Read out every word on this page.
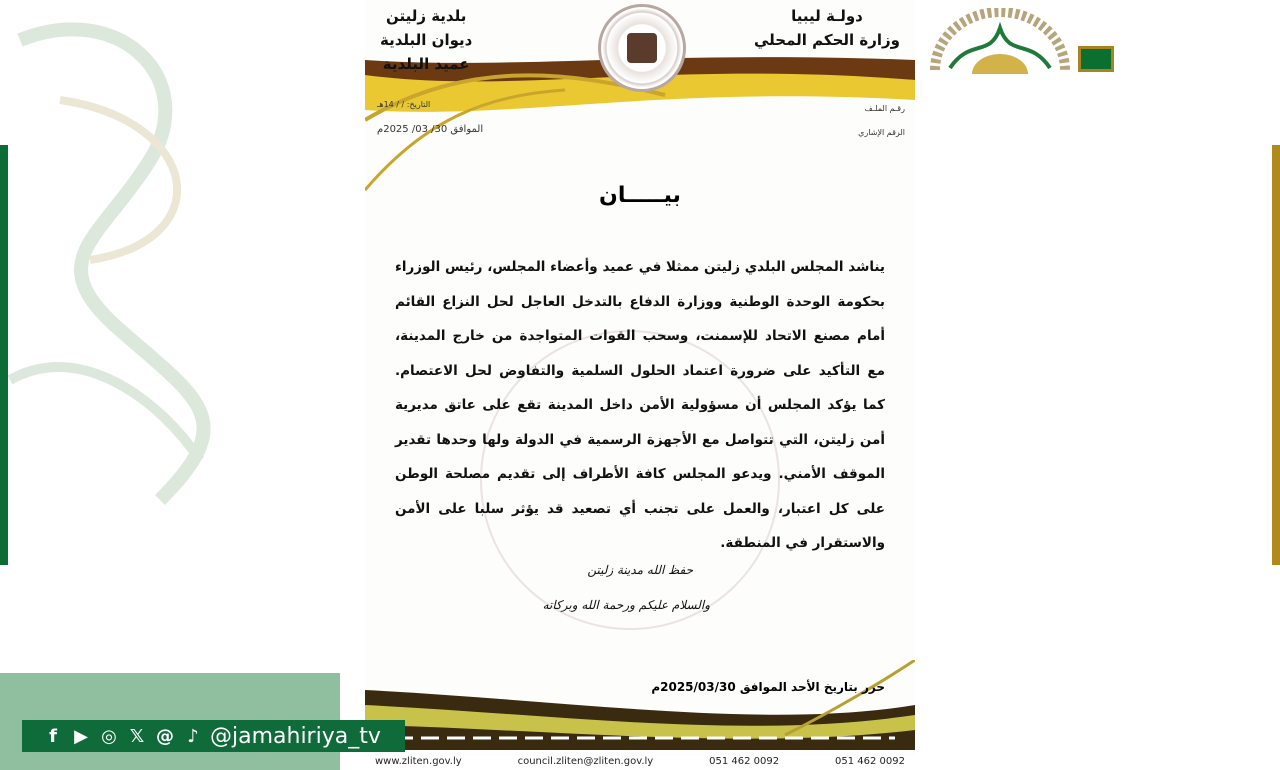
f ▶ ◎ 𝕏 @ ♪ @jamahiriya_tv
دولـة ليبيا
وزارة الحكم المحلي
بلدية زليتن
ديوان البلدية
عميد البلدية
رقـم الملـف
الرقم الإشاري
التاريخ: / / 14هـ
الموافق 30/ 03/ 2025م
بيـــــان
يناشد المجلس البلدي زليتن ممثلا في عميد وأعضاء المجلس، رئيس الوزراء بحكومة الوحدة الوطنية ووزارة الدفاع بالتدخل العاجل لحل النزاع القائم أمام مصنع الاتحاد للإسمنت، وسحب القوات المتواجدة من خارج المدينة، مع التأكيد على ضرورة اعتماد الحلول السلمية والتفاوض لحل الاعتصام. كما يؤكد المجلس أن مسؤولية الأمن داخل المدينة تقع على عاتق مديرية أمن زليتن، التي تتواصل مع الأجهزة الرسمية في الدولة ولها وحدها تقدير الموقف الأمني. ويدعو المجلس كافة الأطراف إلى تقديم مصلحة الوطن على كل اعتبار، والعمل على تجنب أي تصعيد قد يؤثر سلبا على الأمن والاستقرار في المنطقة.
حفظ الله مدينة زليتن
والسلام عليكم ورحمة الله وبركاته
حرر بتاريخ الأحد الموافق 2025/03/30م
www.zliten.gov.ly	council.zliten@zliten.gov.ly	051 462 0092	051 462 0092
